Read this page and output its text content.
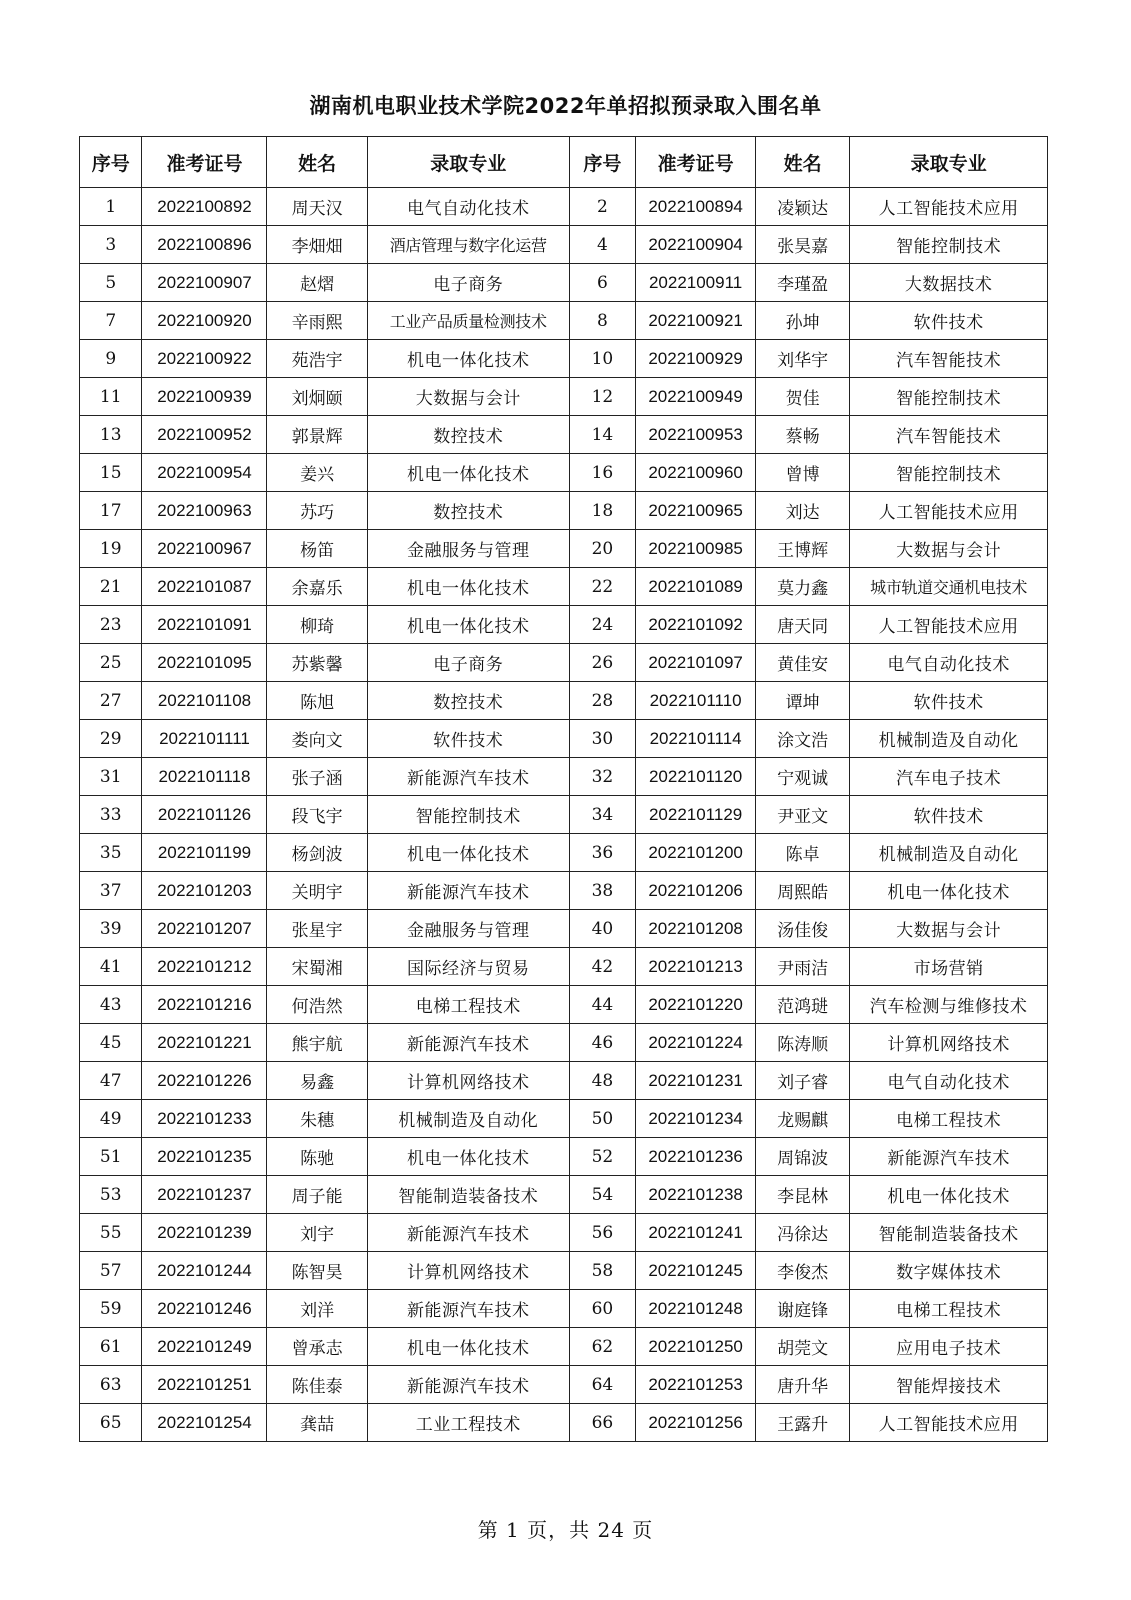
湖南机电职业技术学院2022年单招拟预录取入围名单
序号	准考证号	姓名	录取专业	序号	准考证号	姓名	录取专业
1	2022100892	周天汉	电气自动化技术	2	2022100894	凌颖达	人工智能技术应用
3	2022100896	李畑畑	酒店管理与数字化运营	4	2022100904	张昊嘉	智能控制技术
5	2022100907	赵熠	电子商务	6	2022100911	李瑾盈	大数据技术
7	2022100920	辛雨熙	工业产品质量检测技术	8	2022100921	孙坤	软件技术
9	2022100922	苑浩宇	机电一体化技术	10	2022100929	刘华宇	汽车智能技术
11	2022100939	刘炯颐	大数据与会计	12	2022100949	贺佳	智能控制技术
13	2022100952	郭景辉	数控技术	14	2022100953	蔡畅	汽车智能技术
15	2022100954	姜兴	机电一体化技术	16	2022100960	曾博	智能控制技术
17	2022100963	苏巧	数控技术	18	2022100965	刘达	人工智能技术应用
19	2022100967	杨笛	金融服务与管理	20	2022100985	王博辉	大数据与会计
21	2022101087	余嘉乐	机电一体化技术	22	2022101089	莫力鑫	城市轨道交通机电技术
23	2022101091	柳琦	机电一体化技术	24	2022101092	唐天同	人工智能技术应用
25	2022101095	苏紫馨	电子商务	26	2022101097	黄佳安	电气自动化技术
27	2022101108	陈旭	数控技术	28	2022101110	谭坤	软件技术
29	2022101111	娄向文	软件技术	30	2022101114	涂文浩	机械制造及自动化
31	2022101118	张子涵	新能源汽车技术	32	2022101120	宁观诚	汽车电子技术
33	2022101126	段飞宇	智能控制技术	34	2022101129	尹亚文	软件技术
35	2022101199	杨剑波	机电一体化技术	36	2022101200	陈卓	机械制造及自动化
37	2022101203	关明宇	新能源汽车技术	38	2022101206	周熙皓	机电一体化技术
39	2022101207	张星宇	金融服务与管理	40	2022101208	汤佳俊	大数据与会计
41	2022101212	宋蜀湘	国际经济与贸易	42	2022101213	尹雨洁	市场营销
43	2022101216	何浩然	电梯工程技术	44	2022101220	范鸿琎	汽车检测与维修技术
45	2022101221	熊宇航	新能源汽车技术	46	2022101224	陈涛顺	计算机网络技术
47	2022101226	易鑫	计算机网络技术	48	2022101231	刘子睿	电气自动化技术
49	2022101233	朱穗	机械制造及自动化	50	2022101234	龙赐麒	电梯工程技术
51	2022101235	陈驰	机电一体化技术	52	2022101236	周锦波	新能源汽车技术
53	2022101237	周子能	智能制造装备技术	54	2022101238	李昆林	机电一体化技术
55	2022101239	刘宇	新能源汽车技术	56	2022101241	冯徐达	智能制造装备技术
57	2022101244	陈智昊	计算机网络技术	58	2022101245	李俊杰	数字媒体技术
59	2022101246	刘洋	新能源汽车技术	60	2022101248	谢庭锋	电梯工程技术
61	2022101249	曾承志	机电一体化技术	62	2022101250	胡莞文	应用电子技术
63	2022101251	陈佳泰	新能源汽车技术	64	2022101253	唐升华	智能焊接技术
65	2022101254	龚喆	工业工程技术	66	2022101256	王露升	人工智能技术应用
第 1 页，共 24 页
